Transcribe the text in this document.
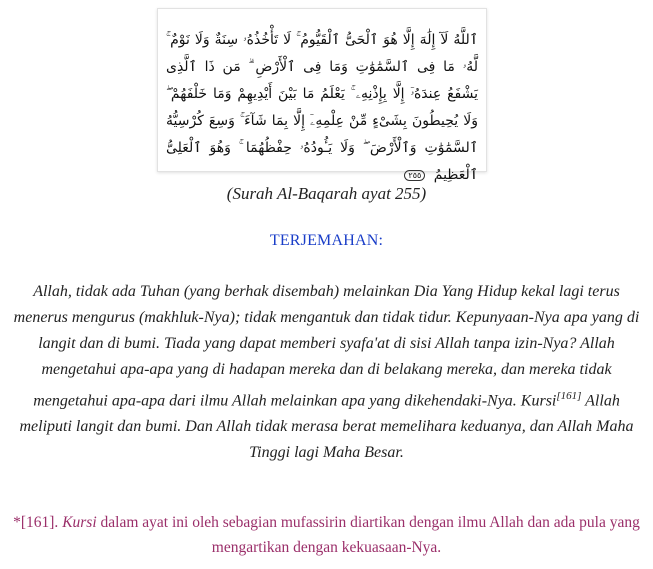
ٱللَّهُ لَآ إِلَٰهَ إِلَّا هُوَ ٱلْحَىُّ ٱلْقَيُّومُ ۚ لَا تَأْخُذُهُۥ سِنَةٌ وَلَا نَوْمٌ ۚ لَّهُۥ مَا فِى ٱلسَّمَٰوَٰتِ وَمَا فِى ٱلْأَرْضِ ۗ مَن ذَا ٱلَّذِى يَشْفَعُ عِندَهُۥٓ إِلَّا بِإِذْنِهِۦ ۚ يَعْلَمُ مَا بَيْنَ أَيْدِيهِمْ وَمَا خَلْفَهُمْ ۖ وَلَا يُحِيطُونَ بِشَىْءٍ مِّنْ عِلْمِهِۦٓ إِلَّا بِمَا شَآءَ ۚ وَسِعَ كُرْسِيُّهُ ٱلسَّمَٰوَٰتِ وَٱلْأَرْضَ ۖ وَلَا يَـُٔودُهُۥ حِفْظُهُمَا ۚ وَهُوَ ٱلْعَلِىُّ ٱلْعَظِيمُ ٢٥٥

(Surah Al-Baqarah ayat 255)
TERJEMAHAN:

Allah, tidak ada Tuhan (yang berhak disembah) melainkan Dia Yang Hidup kekal lagi terus menerus mengurus (makhluk-Nya); tidak mengantuk dan tidak tidur. Kepunyaan-Nya apa yang di langit dan di bumi. Tiada yang dapat memberi syafa'at di sisi Allah tanpa izin-Nya? Allah mengetahui apa-apa yang di hadapan mereka dan di belakang mereka, dan mereka tidak mengetahui apa-apa dari ilmu Allah melainkan apa yang dikehendaki-Nya. Kursi[161] Allah meliputi langit dan bumi. Dan Allah tidak merasa berat memelihara keduanya, dan Allah Maha Tinggi lagi Maha Besar.

*[161]. Kursi dalam ayat ini oleh sebagian mufassirin diartikan dengan ilmu Allah dan ada pula yang mengartikan dengan kekuasaan-Nya.
